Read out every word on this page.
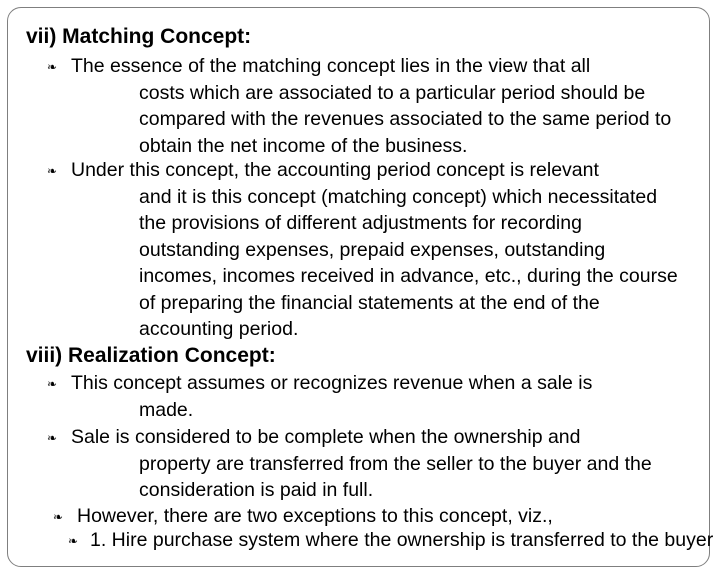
vii) Matching Concept:
❧ The essence of the matching concept lies in the view that all
costs which are associated to a particular period should be
compared with the revenues associated to the same period to
obtain the net income of the business.
❧ Under this concept, the accounting period concept is relevant
and it is this concept (matching concept) which necessitated
the provisions of different adjustments for recording
outstanding expenses, prepaid expenses, outstanding
incomes, incomes received in advance, etc., during the course
of preparing the financial statements at the end of the
accounting period.
viii) Realization Concept:
❧ This concept assumes or recognizes revenue when a sale is
made.
❧ Sale is considered to be complete when the ownership and
property are transferred from the seller to the buyer and the
consideration is paid in full.
❧ However, there are two exceptions to this concept, viz.,
❧ 1. Hire purchase system where the ownership is transferred to the buyer
